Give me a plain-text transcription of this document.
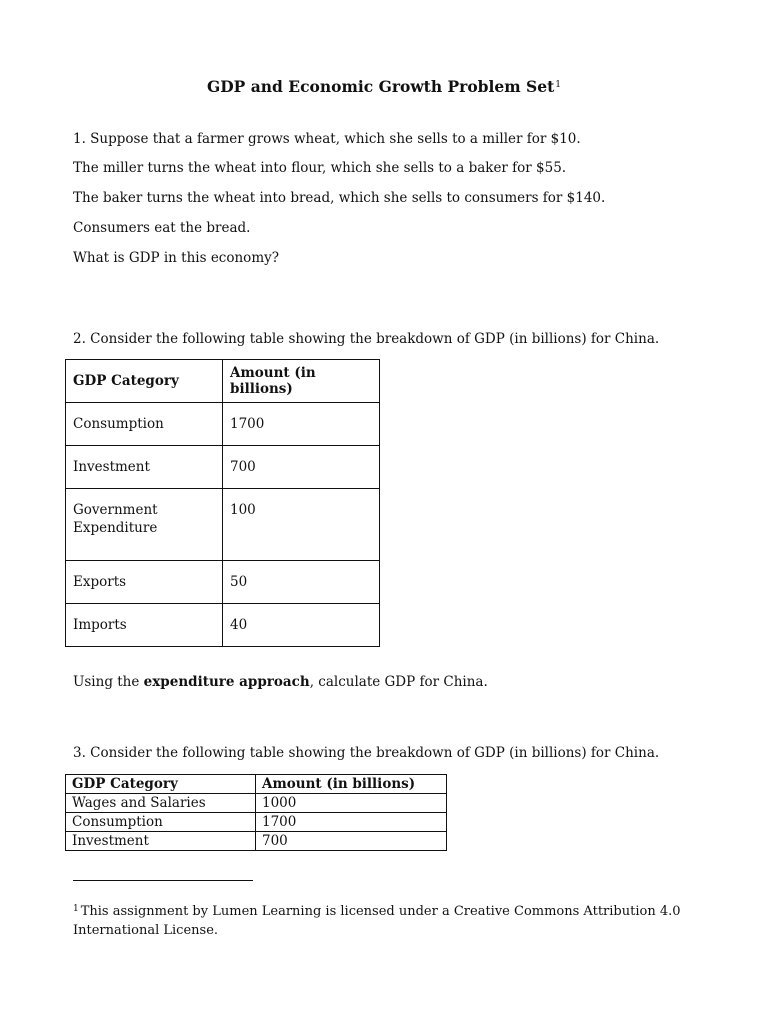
GDP and Economic Growth Problem Set$^1$
1. Suppose that a farmer grows wheat, which she sells to a miller for $10.
The miller turns the wheat into flour, which she sells to a baker for $55.
The baker turns the wheat into bread, which she sells to consumers for $140.
Consumers eat the bread.
What is GDP in this economy?
2. Consider the following table showing the breakdown of GDP (in billions) for China.
GDP Category	Amount (in billions)
Consumption	1700
Investment	700
Government Expenditure	100
Exports	50
Imports	40
Using the expenditure approach, calculate GDP for China.
3. Consider the following table showing the breakdown of GDP (in billions) for China.
GDP Category	Amount (in billions)
Wages and Salaries	1000
Consumption	1700
Investment	700
$^1$ This assignment by Lumen Learning is licensed under a Creative Commons Attribution 4.0 International License.
